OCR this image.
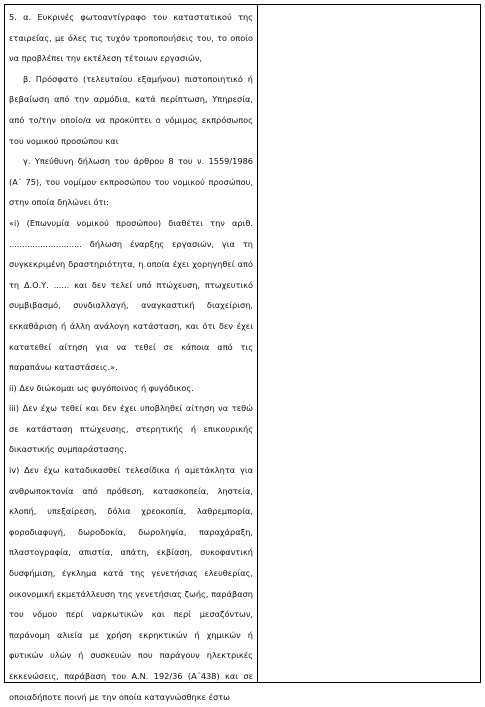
5. α. Ευκρινές φωτοαντίγραφο του καταστατικού της εταιρείας, με όλες τις τυχόν τροποποιήσεις του, το οποίο να προβλέπει την εκτέλεση τέτοιων εργασιών,

β. Πρόσφατο (τελευταίου εξαμήνου) πιστοποιητικό ή βεβαίωση από την αρμόδια, κατά περίπτωση, Υπηρεσία, από το/την οποίο/α να προκύπτει ο νόμιμος εκπρόσωπος του νομικού προσώπου και

γ. Υπεύθυνη δήλωση του άρθρου 8 του ν. 1559/1986 (Α΄ 75), του νομίμου εκπροσώπου του νομικού προσώπου, στην οποία δηλώνει ότι:

«i) (Επωνυμία νομικού προσώπου) διαθέτει την αριθ. ............................ δήλωση έναρξης εργασιών, για τη συγκεκριμένη δραστηριότητα, η οποία έχει χορηγηθεί από τη Δ.Ο.Υ. ...... και δεν τελεί υπό πτώχευση, πτωχευτικό συμβιβασμό, συνδιαλλαγή, αναγκαστική διαχείριση, εκκαθάριση ή άλλη ανάλογη κατάσταση, και ότι δεν έχει κατατεθεί αίτηση για να τεθεί σε κάποια από τις παραπάνω καταστάσεις.».

ii) Δεν διώκομαι ως φυγόποινος ή φυγόδικος.

iii) Δεν έχω τεθεί και δεν έχει υποβληθεί αίτηση να τεθώ σε κατάσταση πτώχευσης, στερητικής ή επικουρικής δικαστικής συμπαράστασης.

iv) Δεν έχω καταδικασθεί τελεσίδικα ή αμετάκλητα για ανθρωποκτονία από πρόθεση, κατασκοπεία, ληστεία, κλοπή, υπεξαίρεση, δόλια χρεοκοπία, λαθρεμπορία, φοροδιαφυγή, δωροδοκία, δωροληψία, παραχάραξη, πλαστογραφία, απιστία, απάτη, εκβίαση, συκοφαντική δυσφήμιση, έγκλημα κατά της γενετήσιας ελευθερίας, οικονομική εκμετάλλευση της γενετήσιας ζωής, παράβαση του νόμου περί ναρκωτικών και περί μεσαζόντων, παράνομη αλιεία με χρήση εκρηκτικών ή χημικών ή φυτικών υλών ή συσκευών που παράγουν ηλεκτρικές εκκενώσεις, παράβαση του Α.Ν. 192/36 (Α΄438) και σε οποιαδήποτε ποινή με την οποία καταγνώσθηκε έστω
